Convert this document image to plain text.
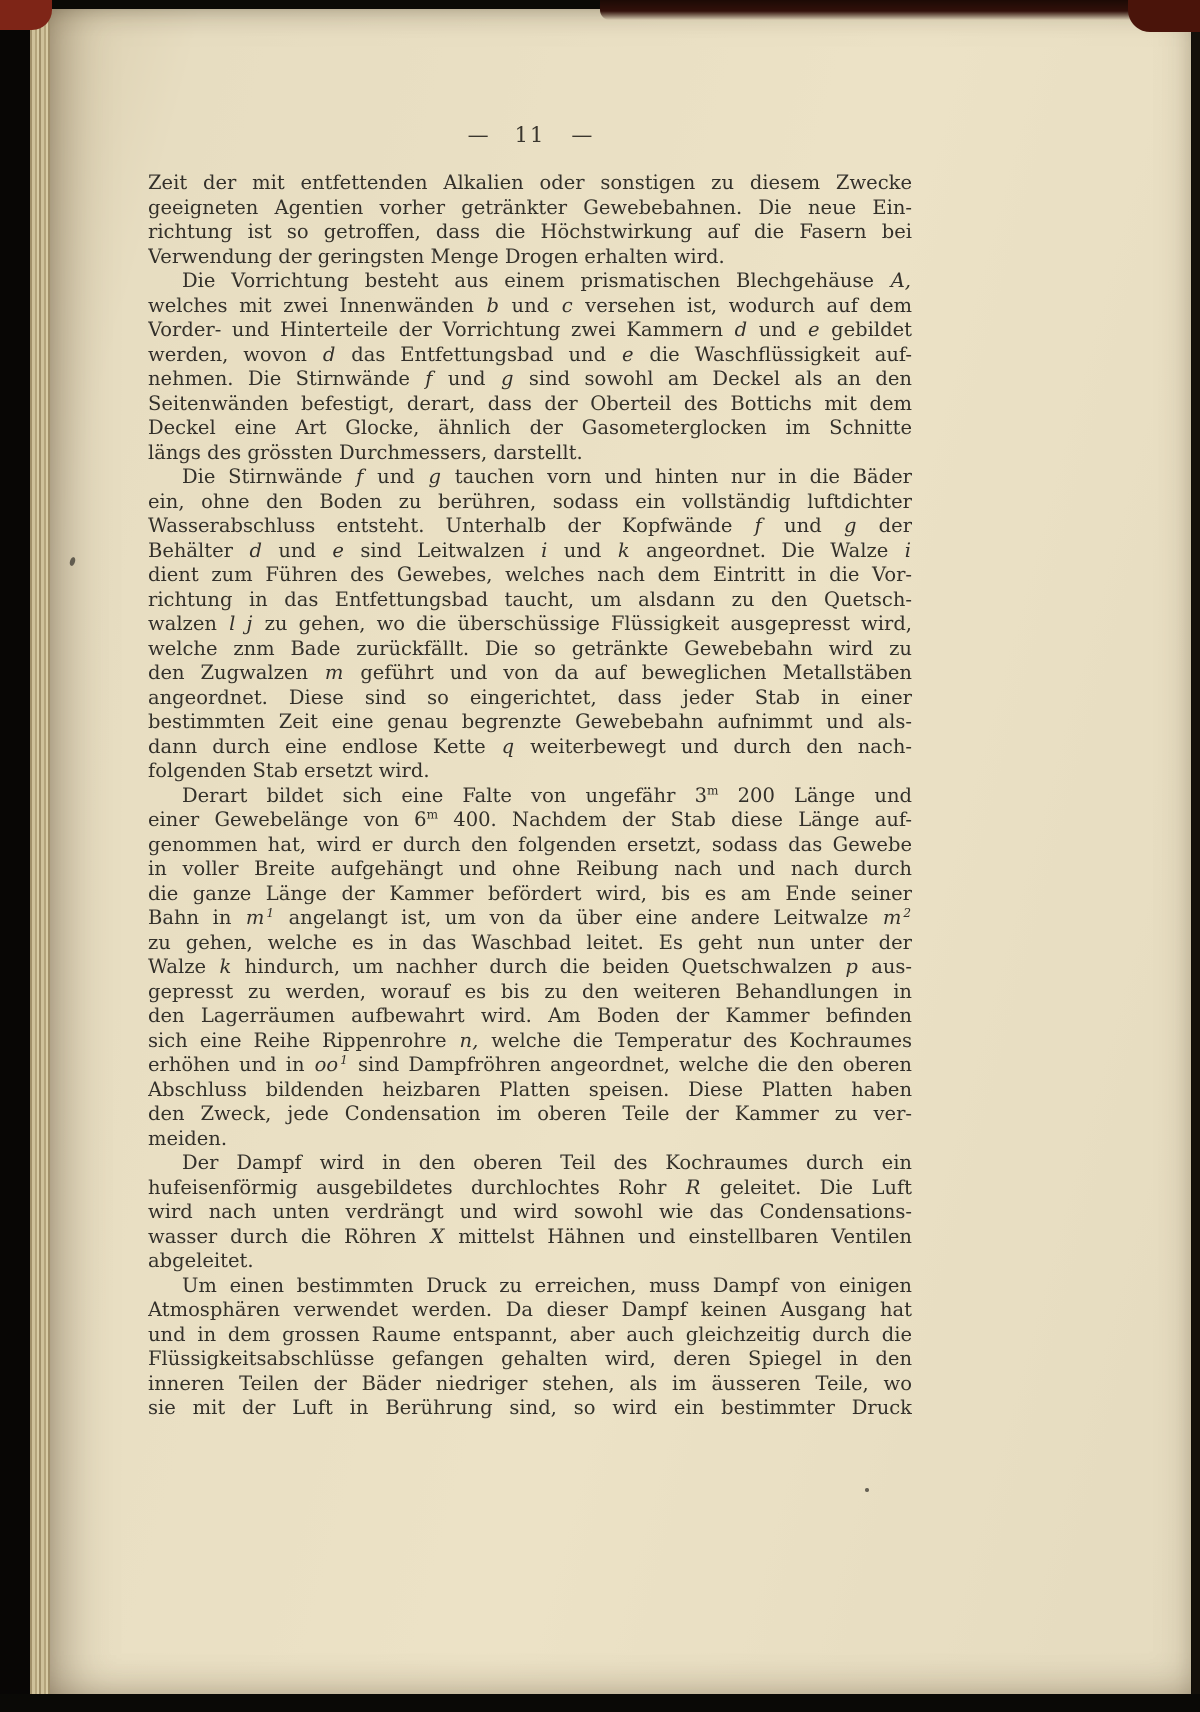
— 11 —

Zeit der mit entfettenden Alkalien oder sonstigen zu diesem Zwecke
geeigneten Agentien vorher getränkter Gewebebahnen. Die neue Ein-
richtung ist so getroffen, dass die Höchstwirkung auf die Fasern bei
Verwendung der geringsten Menge Drogen erhalten wird.

Die Vorrichtung besteht aus einem prismatischen Blechgehäuse A,
welches mit zwei Innenwänden b und c versehen ist, wodurch auf dem
Vorder- und Hinterteile der Vorrichtung zwei Kammern d und e gebildet
werden, wovon d das Entfettungsbad und e die Waschflüssigkeit auf-
nehmen. Die Stirnwände f und g sind sowohl am Deckel als an den
Seitenwänden befestigt, derart, dass der Oberteil des Bottichs mit dem
Deckel eine Art Glocke, ähnlich der Gasometerglocken im Schnitte
längs des grössten Durchmessers, darstellt.

Die Stirnwände f und g tauchen vorn und hinten nur in die Bäder
ein, ohne den Boden zu berühren, sodass ein vollständig luftdichter
Wasserabschluss entsteht. Unterhalb der Kopfwände f und g der
Behälter d und e sind Leitwalzen i und k angeordnet. Die Walze i
dient zum Führen des Gewebes, welches nach dem Eintritt in die Vor-
richtung in das Entfettungsbad taucht, um alsdann zu den Quetsch-
walzen l j zu gehen, wo die überschüssige Flüssigkeit ausgepresst wird,
welche znm Bade zurückfällt. Die so getränkte Gewebebahn wird zu
den Zugwalzen m geführt und von da auf beweglichen Metallstäben
angeordnet. Diese sind so eingerichtet, dass jeder Stab in einer
bestimmten Zeit eine genau begrenzte Gewebebahn aufnimmt und als-
dann durch eine endlose Kette q weiterbewegt und durch den nach-
folgenden Stab ersetzt wird.

Derart bildet sich eine Falte von ungefähr 3$^m$ 200 Länge und
einer Gewebelänge von 6$^m$ 400. Nachdem der Stab diese Länge auf-
genommen hat, wird er durch den folgenden ersetzt, sodass das Gewebe
in voller Breite aufgehängt und ohne Reibung nach und nach durch
die ganze Länge der Kammer befördert wird, bis es am Ende seiner
Bahn in m $^1$ angelangt ist, um von da über eine andere Leitwalze m $^2$
zu gehen, welche es in das Waschbad leitet. Es geht nun unter der
Walze k hindurch, um nachher durch die beiden Quetschwalzen p aus-
gepresst zu werden, worauf es bis zu den weiteren Behandlungen in
den Lagerräumen aufbewahrt wird. Am Boden der Kammer befinden
sich eine Reihe Rippenrohre n, welche die Temperatur des Kochraumes
erhöhen und in oo $^1$ sind Dampfröhren angeordnet, welche die den oberen
Abschluss bildenden heizbaren Platten speisen. Diese Platten haben
den Zweck, jede Condensation im oberen Teile der Kammer zu ver-
meiden.

Der Dampf wird in den oberen Teil des Kochraumes durch ein
hufeisenförmig ausgebildetes durchlochtes Rohr R geleitet. Die Luft
wird nach unten verdrängt und wird sowohl wie das Condensations-
wasser durch die Röhren X mittelst Hähnen und einstellbaren Ventilen
abgeleitet.

Um einen bestimmten Druck zu erreichen, muss Dampf von einigen
Atmosphären verwendet werden. Da dieser Dampf keinen Ausgang hat
und in dem grossen Raume entspannt, aber auch gleichzeitig durch die
Flüssigkeitsabschlüsse gefangen gehalten wird, deren Spiegel in den
inneren Teilen der Bäder niedriger stehen, als im äusseren Teile, wo
sie mit der Luft in Berührung sind, so wird ein bestimmter Druck
